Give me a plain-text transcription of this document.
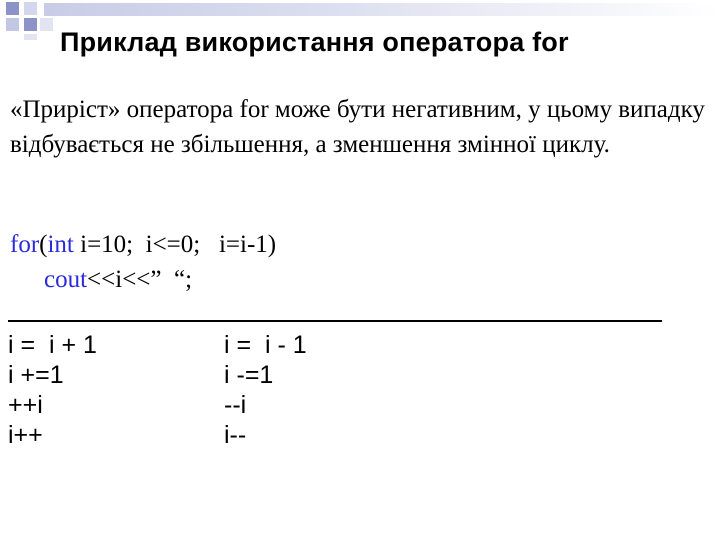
Приклад використання оператора for

«Приріст» оператора for може бути негативним, у цьому випадку відбувається не збільшення, а зменшення змінної циклу.

for(int i=10;  i<=0;   i=i-1)
cout<<i<<”  “;
i =  i + 1
i +=1
++i
i++
i =  i - 1
i -=1
--i
i--
